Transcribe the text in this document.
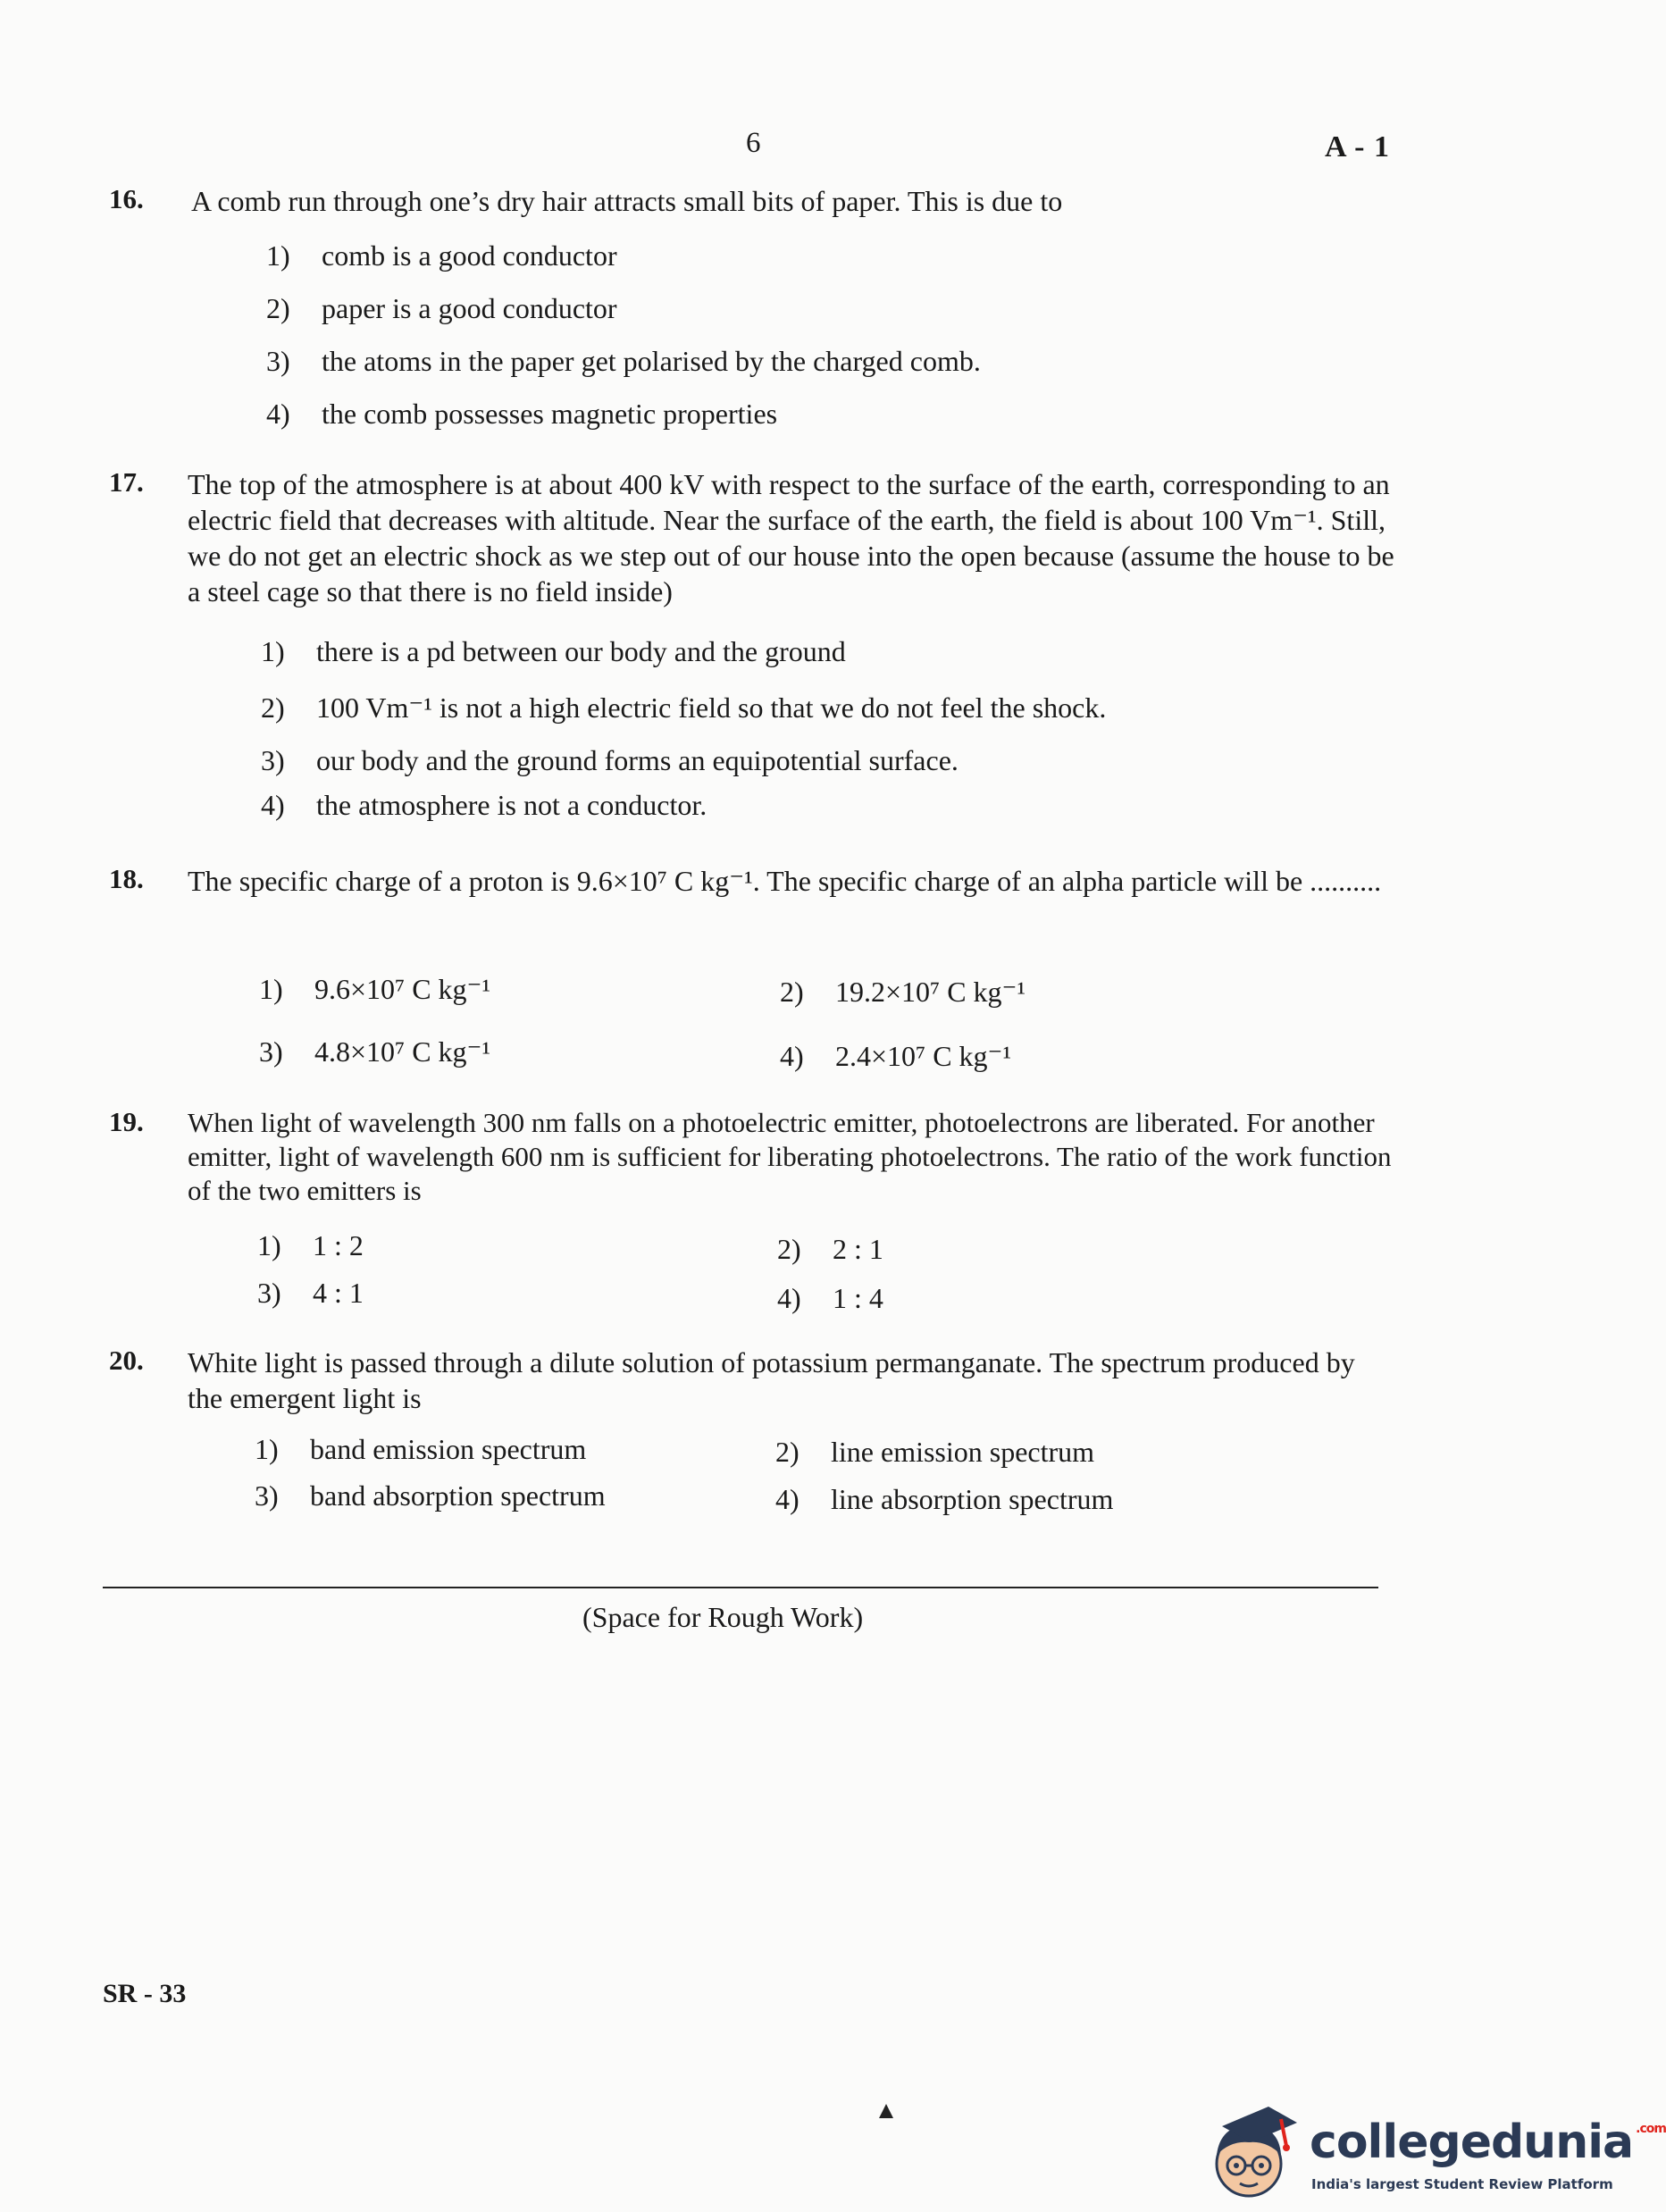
6	A - 1
16. A comb run through one’s dry hair attracts small bits of paper. This is due to
1) comb is a good conductor
2) paper is a good conductor
3) the atoms in the paper get polarised by the charged comb.
4) the comb possesses magnetic properties
17. The top of the atmosphere is at about 400 kV with respect to the surface of the earth, corresponding to an electric field that decreases with altitude. Near the surface of the earth, the field is about 100 Vm⁻¹. Still, we do not get an electric shock as we step out of our house into the open because (assume the house to be a steel cage so that there is no field inside)
1) there is a pd between our body and the ground
2) 100 Vm⁻¹ is not a high electric field so that we do not feel the shock.
3) our body and the ground forms an equipotential surface.
4) the atmosphere is not a conductor.
18. The specific charge of a proton is 9.6×10⁷ C kg⁻¹. The specific charge of an alpha particle will be ..........
1) 9.6×10⁷ C kg⁻¹	2) 19.2×10⁷ C kg⁻¹
3) 4.8×10⁷ C kg⁻¹	4) 2.4×10⁷ C kg⁻¹
19. When light of wavelength 300 nm falls on a photoelectric emitter, photoelectrons are liberated. For another emitter, light of wavelength 600 nm is sufficient for liberating photoelectrons. The ratio of the work function of the two emitters is
1) 1 : 2	2) 2 : 1
3) 4 : 1	4) 1 : 4
20. White light is passed through a dilute solution of potassium permanganate. The spectrum produced by the emergent light is
1) band emission spectrum	2) line emission spectrum
3) band absorption spectrum	4) line absorption spectrum
(Space for Rough Work)
SR - 33
collegedunia $^{.com}$
India's largest Student Review Platform
